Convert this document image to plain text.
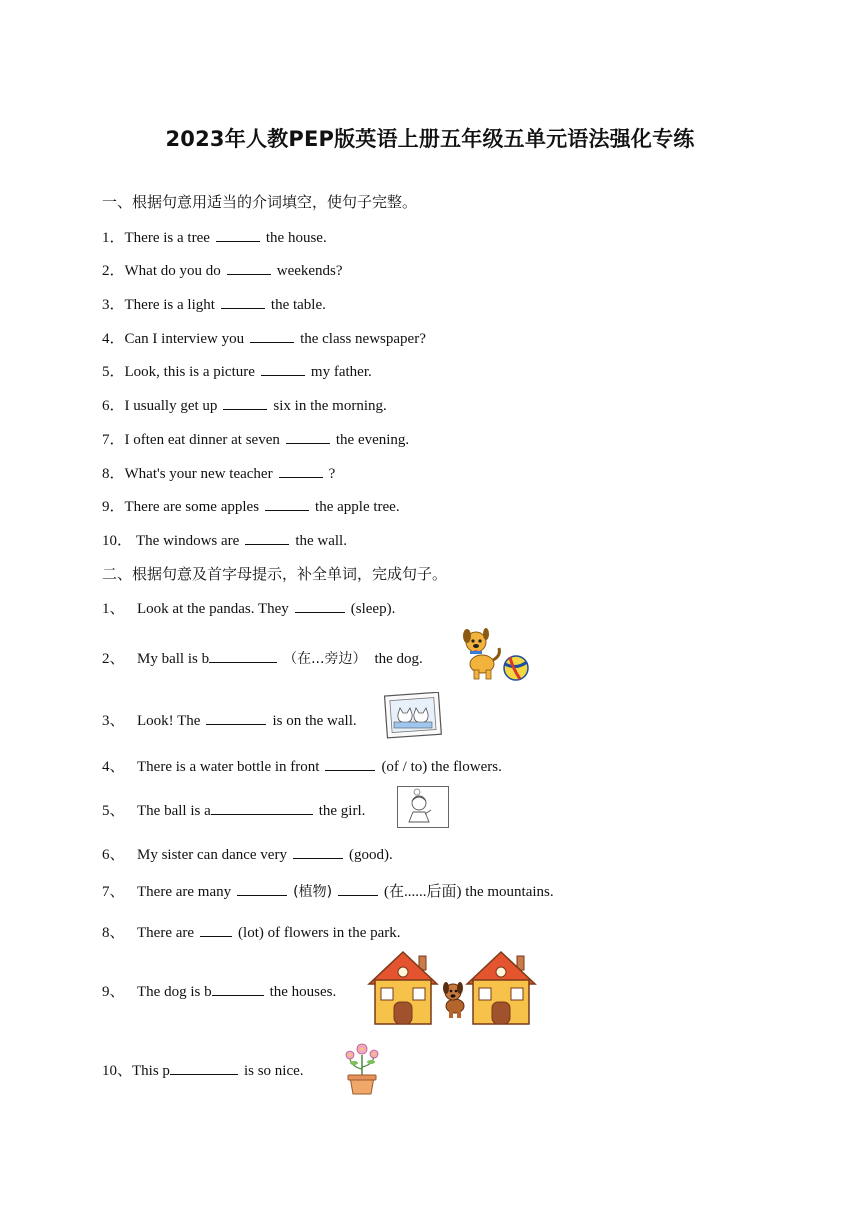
2023年人教PEP版英语上册五年级五单元语法强化专练

一、根据句意用适当的介词填空，使句子完整。

1．There is a tree	the house.

2．What do you do	weekends?

3．There is a light	the table.

4．Can I interview you	the class newspaper?

5．Look, this is a picture	my father.

6．I usually get up	six in the morning.

7．I often eat dinner at seven	the evening.

8．What's your new teacher	?

9．There are some apples	the apple tree.

10． The windows are	the wall.

二、根据句意及首字母提示，补全单词，完成句子。

1、 Look at the pandas. They	(sleep).

2、 My ball is b	（在...旁边） the dog.

3、 Look! The	is on the wall.

4、 There is a water bottle in front	(of / to) the flowers.

5、 The ball is a	the girl.

6、 My sister can dance very	(good).

7、 There are many	(植物)	(在......后面) the mountains.

8、 There are	(lot) of flowers in the park.

9、 The dog is b	the houses.

10、This p	is so nice.
